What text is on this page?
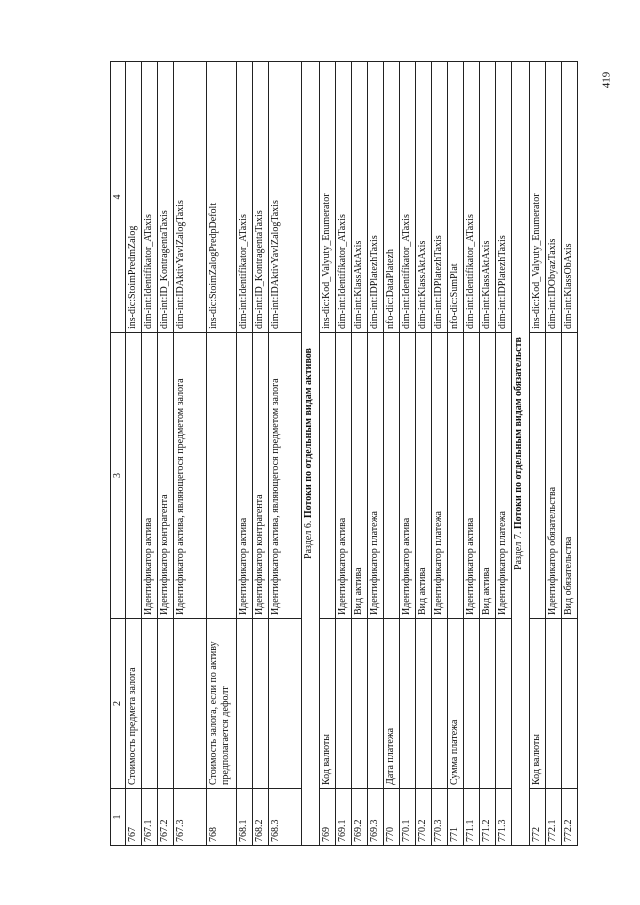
419
1	2	3	4
767	Стоимость предмета залога		ins-dic:StoimPredmZalog
767.1		Идентификатор актива	dim-int:Identifikator_ATaxis
767.2		Идентификатор контрагента	dim-int:ID_KontragentaTaxis
767.3		Идентификатор актива, являющегося предметом залога	dim-int:IDAktivYavlZalogTaxis
768	Стоимость залога, если по активу предполагается дефолт		ins-dic:StoimZalogPredpDefolt
768.1		Идентификатор актива	dim-int:Identifikator_ATaxis
768.2		Идентификатор контрагента	dim-int:ID_KontragentaTaxis
768.3		Идентификатор актива, являющегося предметом залога	dim-int:IDAktivYavlZalogTaxis
Раздел 6. Потоки по отдельным видам активов			
769	Код валюты		ins-dic:Kod_Valyuty_Enumerator
769.1		Идентификатор актива	dim-int:Identifikator_ATaxis
769.2		Вид актива	dim-int:KlassAktAxis
769.3		Идентификатор платежа	dim-int:IDPlatezhTaxis
770	Дата платежа		nfo-dic:DataPlatezh
770.1		Идентификатор актива	dim-int:Identifikator_ATaxis
770.2		Вид актива	dim-int:KlassAktAxis
770.3		Идентификатор платежа	dim-int:IDPlatezhTaxis
771	Сумма платежа		nfo-dic:SumPlat
771.1		Идентификатор актива	dim-int:Identifikator_ATaxis
771.2		Вид актива	dim-int:KlassAktAxis
771.3		Идентификатор платежа	dim-int:IDPlatezhTaxis
Раздел 7. Потоки по отдельным видам обязательств			
772	Код валюты		ins-dic:Kod_Valyuty_Enumerator
772.1		Идентификатор обязательства	dim-int:IDObyazTaxis
772.2		Вид обязательства	dim-int:KlassObAxis
